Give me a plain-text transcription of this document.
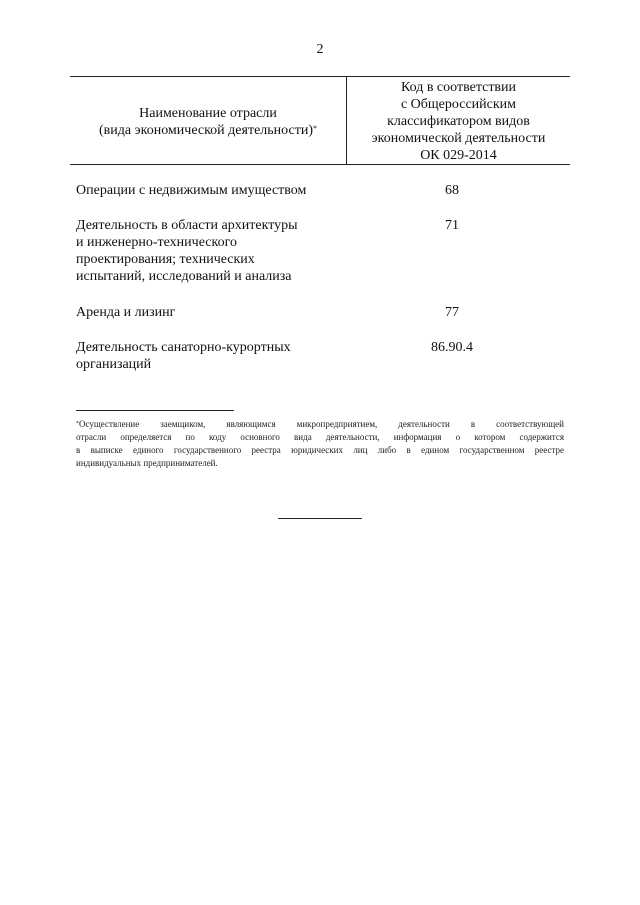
2
Наименование отрасли
(вида экономической деятельности)*
Код в соответствии
с Общероссийским
классификатором видов
экономической деятельности
ОК 029-2014
Операции с недвижимым имуществом	68
Деятельность в области архитектуры
и инженерно-технического
проектирования; технических
испытаний, исследований и анализа
71
Аренда и лизинг	77
Деятельность санаторно-курортных
организаций
86.90.4
*Осуществление заемщиком, являющимся микропредприятием, деятельности в соответствующей
отрасли определяется по коду основного вида деятельности, информация о котором содержится
в выписке единого государственного реестра юридических лиц либо в едином государственном реестре
индивидуальных предпринимателей.
